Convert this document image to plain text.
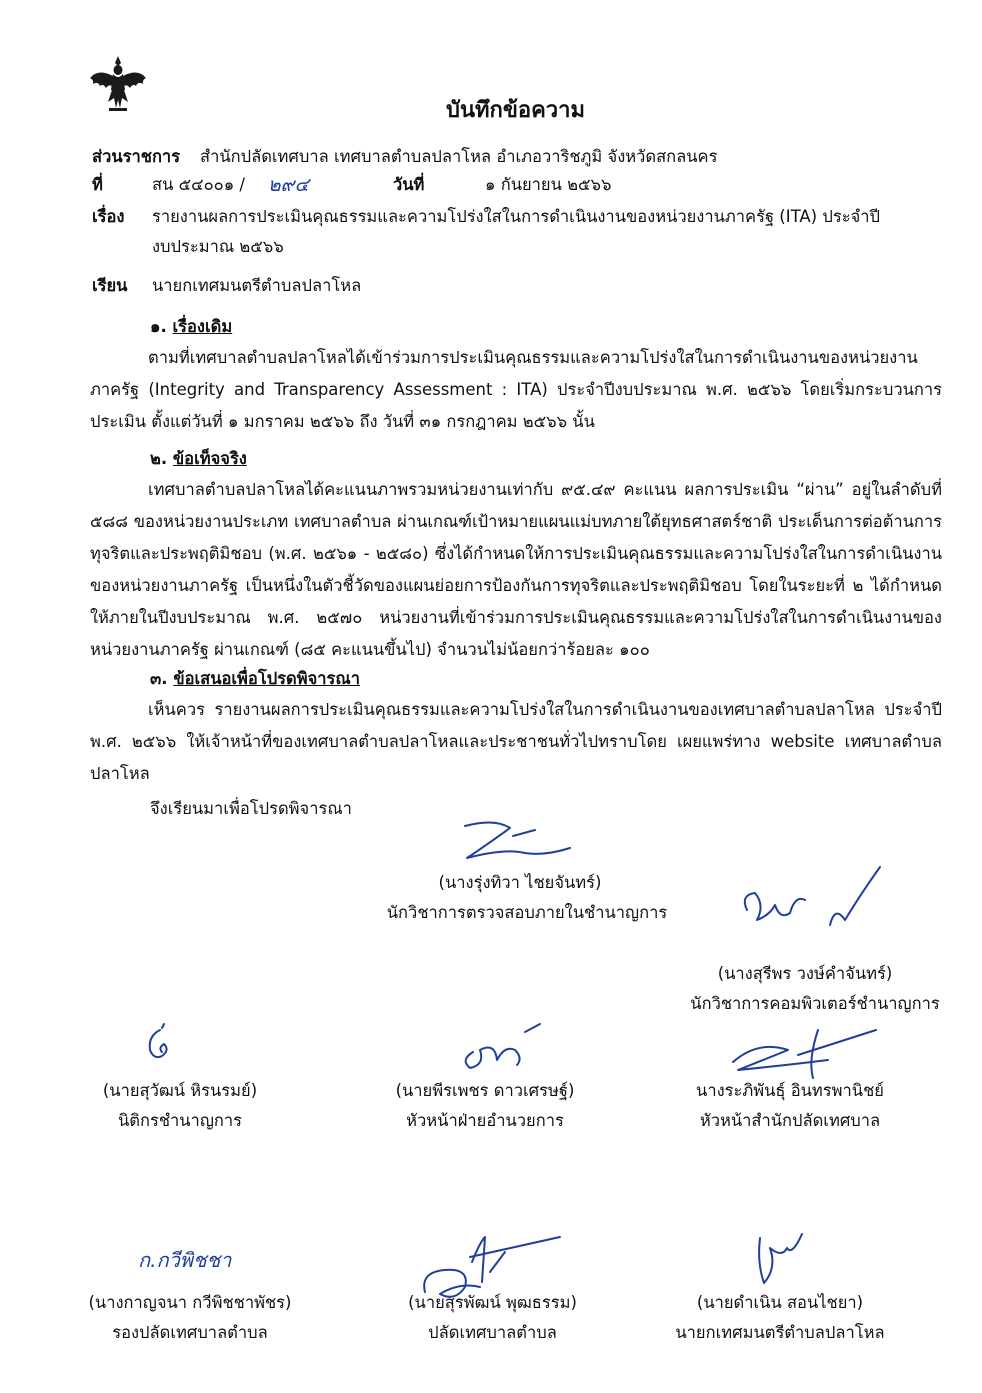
บันทึกข้อความ
ส่วนราชการ สำนักปลัดเทศบาล เทศบาลตำบลปลาโหล อำเภอวาริชภูมิ จังหวัดสกลนคร
ที่	สน ๕๔๐๐๑ / ๒๙๔	วันที่	๑ กันยายน ๒๕๖๖
เรื่อง รายงานผลการประเมินคุณธรรมและความโปร่งใสในการดำเนินงานของหน่วยงานภาครัฐ (ITA) ประจำปี
งบประมาณ ๒๕๖๖
เรียน นายกเทศมนตรีตำบลปลาโหล
๑. เรื่องเดิม
ตามที่เทศบาลตำบลปลาโหลได้เข้าร่วมการประเมินคุณธรรมและความโปร่งใสในการดำเนินงานของหน่วยงานภาครัฐ (Integrity and Transparency Assessment : ITA) ประจำปีงบประมาณ พ.ศ. ๒๕๖๖ โดยเริ่มกระบวนการประเมิน ตั้งแต่วันที่ ๑ มกราคม ๒๕๖๖ ถึง วันที่ ๓๑ กรกฎาคม ๒๕๖๖ นั้น
๒. ข้อเท็จจริง
เทศบาลตำบลปลาโหลได้คะแนนภาพรวมหน่วยงานเท่ากับ ๙๕.๔๙ คะแนน ผลการประเมิน “ผ่าน” อยู่ในลำดับที่ ๕๘๘ ของหน่วยงานประเภท เทศบาลตำบล ผ่านเกณฑ์เป้าหมายแผนแม่บทภายใต้ยุทธศาสตร์ชาติ ประเด็นการต่อต้านการทุจริตและประพฤติมิชอบ (พ.ศ. ๒๕๖๑ - ๒๕๘๐) ซึ่งได้กำหนดให้การประเมินคุณธรรมและความโปร่งใสในการดำเนินงานของหน่วยงานภาครัฐ เป็นหนึ่งในตัวชี้วัดของแผนย่อยการป้องกันการทุจริตและประพฤติมิชอบ โดยในระยะที่ ๒ ได้กำหนดให้ภายในปีงบประมาณ พ.ศ. ๒๕๗๐ หน่วยงานที่เข้าร่วมการประเมินคุณธรรมและความโปร่งใสในการดำเนินงานของหน่วยงานภาครัฐ ผ่านเกณฑ์ (๘๕ คะแนนขึ้นไป) จำนวนไม่น้อยกว่าร้อยละ ๑๐๐
๓. ข้อเสนอเพื่อโปรดพิจารณา
เห็นควร รายงานผลการประเมินคุณธรรมและความโปร่งใสในการดำเนินงานของเทศบาลตำบลปลาโหล ประจำปี พ.ศ. ๒๕๖๖ ให้เจ้าหน้าที่ของเทศบาลตำบลปลาโหลและประชาชนทั่วไปทราบโดย เผยแพร่ทาง website เทศบาลตำบลปลาโหล
จึงเรียนมาเพื่อโปรดพิจารณา
(นางรุ่งทิวา ไชยจันทร์)
นักวิชาการตรวจสอบภายในชำนาญการ
(นางสุรีพร วงษ์คำจันทร์)
นักวิชาการคอมพิวเตอร์ชำนาญการ
(นายสุวัฒน์ หิรนรมย์)
นิติกรชำนาญการ
(นายพีรเพชร ดาวเศรษฐ์)
หัวหน้าฝ่ายอำนวยการ
นางระภิพันธุ์ อินทรพานิชย์
หัวหน้าสำนักปลัดเทศบาล
ก.กวีพิชชา
(นางกาญจนา กวีพิชชาพัชร)
รองปลัดเทศบาลตำบล
(นายสุรพัฒน์ พุฒธรรม)
ปลัดเทศบาลตำบล
(นายดำเนิน สอนไชยา)
นายกเทศมนตรีตำบลปลาโหล
